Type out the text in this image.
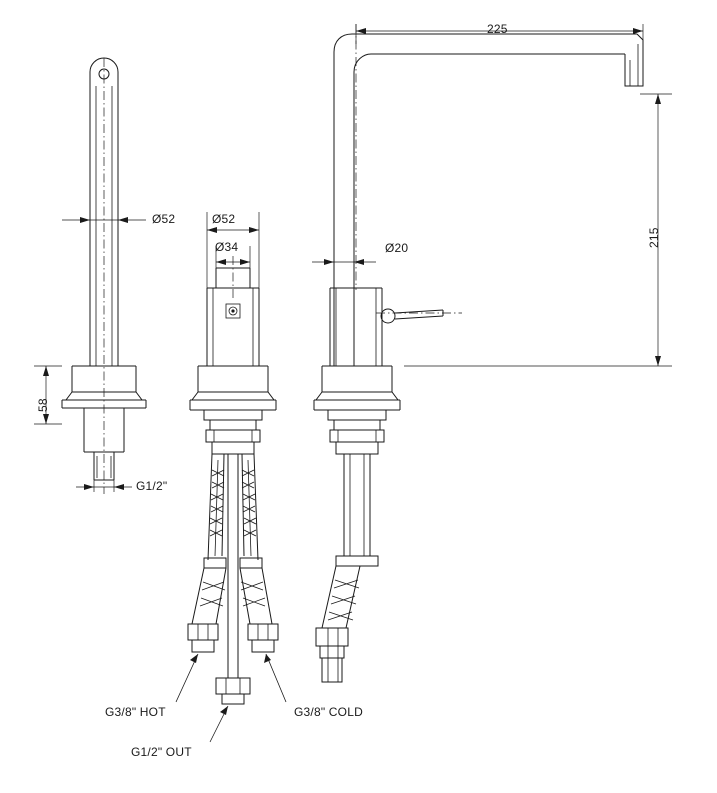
225
215
Ø52	Ø52
Ø34	Ø20
58
G1/2"
G3/8" HOT	G3/8" COLD
G1/2" OUT
